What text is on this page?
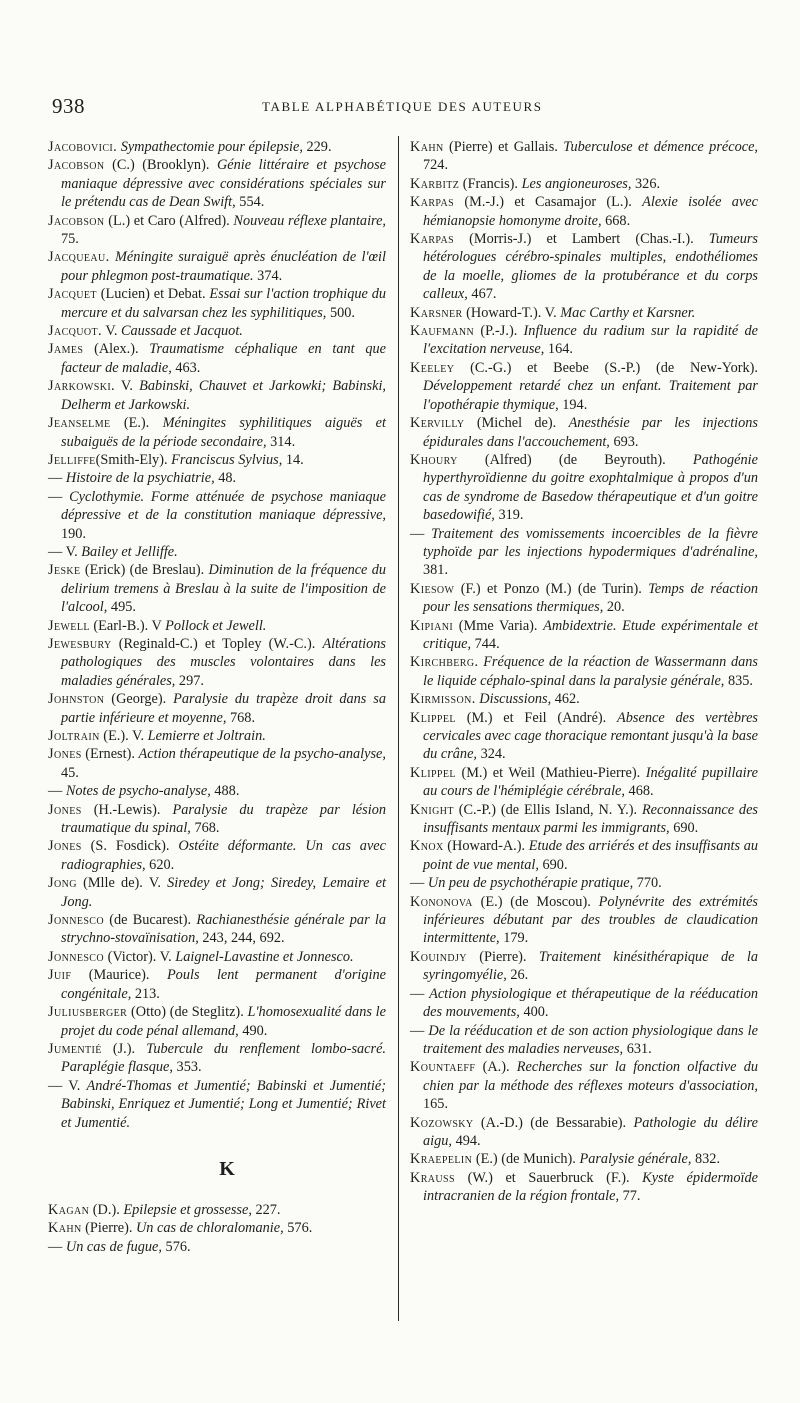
938	TABLE ALPHABÉTIQUE DES AUTEURS

Jacobovici. Sympathectomie pour épilepsie, 229.

Jacobson (C.) (Brooklyn). Génie littéraire et psychose maniaque dépressive avec considérations spéciales sur le prétendu cas de Dean Swift, 554.

Jacobson (L.) et Caro (Alfred). Nouveau réflexe plantaire, 75.

Jacqueau. Méningite suraiguë après énucléation de l'œil pour phlegmon post-traumatique. 374.

Jacquet (Lucien) et Debat. Essai sur l'action trophique du mercure et du salvarsan chez les syphilitiques, 500.

Jacquot. V. Caussade et Jacquot.

James (Alex.). Traumatisme céphalique en tant que facteur de maladie, 463.

Jarkowski. V. Babinski, Chauvet et Jarkowki; Babinski, Delherm et Jarkowski.

Jeanselme (E.). Méningites syphilitiques aiguës et subaiguës de la période secondaire, 314.

Jelliffe(Smith-Ely). Franciscus Sylvius, 14.

— Histoire de la psychiatrie, 48.

— Cyclothymie. Forme atténuée de psychose maniaque dépressive et de la constitution maniaque dépressive, 190.

— V. Bailey et Jelliffe.

Jeske (Erick) (de Breslau). Diminution de la fréquence du delirium tremens à Breslau à la suite de l'imposition de l'alcool, 495.

Jewell (Earl-B.). V Pollock et Jewell.

Jewesbury (Reginald-C.) et Topley (W.-C.). Altérations pathologiques des muscles volontaires dans les maladies générales, 297.

Johnston (George). Paralysie du trapèze droit dans sa partie inférieure et moyenne, 768.

Joltrain (E.). V. Lemierre et Joltrain.

Jones (Ernest). Action thérapeutique de la psycho-analyse, 45.

— Notes de psycho-analyse, 488.

Jones (H.-Lewis). Paralysie du trapèze par lésion traumatique du spinal, 768.

Jones (S. Fosdick). Ostéite déformante. Un cas avec radiographies, 620.

Jong (Mlle de). V. Siredey et Jong; Siredey, Lemaire et Jong.

Jonnesco (de Bucarest). Rachianesthésie générale par la strychno-stovaïnisation, 243, 244, 692.

Jonnesco (Victor). V. Laignel-Lavastine et Jonnesco.

Juif (Maurice). Pouls lent permanent d'origine congénitale, 213.

Juliusberger (Otto) (de Steglitz). L'homosexualité dans le projet du code pénal allemand, 490.

Jumentié (J.). Tubercule du renflement lombo-sacré. Paraplégie flasque, 353.

— V. André-Thomas et Jumentié; Babinski et Jumentié; Babinski, Enriquez et Jumentié; Long et Jumentié; Rivet et Jumentié.

K

Kagan (D.). Epilepsie et grossesse, 227.

Kahn (Pierre). Un cas de chloralomanie, 576.

— Un cas de fugue, 576.

Kahn (Pierre) et Gallais. Tuberculose et démence précoce, 724.

Karbitz (Francis). Les angioneuroses, 326.

Karpas (M.-J.) et Casamajor (L.). Alexie isolée avec hémianopsie homonyme droite, 668.

Karpas (Morris-J.) et Lambert (Chas.-I.). Tumeurs hétérologues cérébro-spinales multiples, endothéliomes de la moelle, gliomes de la protubérance et du corps calleux, 467.

Karsner (Howard-T.). V. Mac Carthy et Karsner.

Kaufmann (P.-J.). Influence du radium sur la rapidité de l'excitation nerveuse, 164.

Keeley (C.-G.) et Beebe (S.-P.) (de New-York). Développement retardé chez un enfant. Traitement par l'opothérapie thymique, 194.

Kervilly (Michel de). Anesthésie par les injections épidurales dans l'accouchement, 693.

Khoury (Alfred) (de Beyrouth). Pathogénie hyperthyroïdienne du goitre exophtalmique à propos d'un cas de syndrome de Basedow thérapeutique et d'un goitre basedowifié, 319.

— Traitement des vomissements incoercibles de la fièvre typhoïde par les injections hypodermiques d'adrénaline, 381.

Kiesow (F.) et Ponzo (M.) (de Turin). Temps de réaction pour les sensations thermiques, 20.

Kipiani (Mme Varia). Ambidextrie. Etude expérimentale et critique, 744.

Kirchberg. Fréquence de la réaction de Wassermann dans le liquide céphalo-spinal dans la paralysie générale, 835.

Kirmisson. Discussions, 462.

Klippel (M.) et Feil (André). Absence des vertèbres cervicales avec cage thoracique remontant jusqu'à la base du crâne, 324.

Klippel (M.) et Weil (Mathieu-Pierre). Inégalité pupillaire au cours de l'hémiplégie cérébrale, 468.

Knight (C.-P.) (de Ellis Island, N. Y.). Reconnaissance des insuffisants mentaux parmi les immigrants, 690.

Knox (Howard-A.). Etude des arriérés et des insuffisants au point de vue mental, 690.

— Un peu de psychothérapie pratique, 770.

Kononova (E.) (de Moscou). Polynévrite des extrémités inférieures débutant par des troubles de claudication intermittente, 179.

Kouindjy (Pierre). Traitement kinésithérapique de la syringomyélie, 26.

— Action physiologique et thérapeutique de la rééducation des mouvements, 400.

— De la rééducation et de son action physiologique dans le traitement des maladies nerveuses, 631.

Kountaeff (A.). Recherches sur la fonction olfactive du chien par la méthode des réflexes moteurs d'association, 165.

Kozowsky (A.-D.) (de Bessarabie). Pathologie du délire aigu, 494.

Kraepelin (E.) (de Munich). Paralysie générale, 832.

Krauss (W.) et Sauerbruck (F.). Kyste épidermoïde intracranien de la région frontale, 77.
